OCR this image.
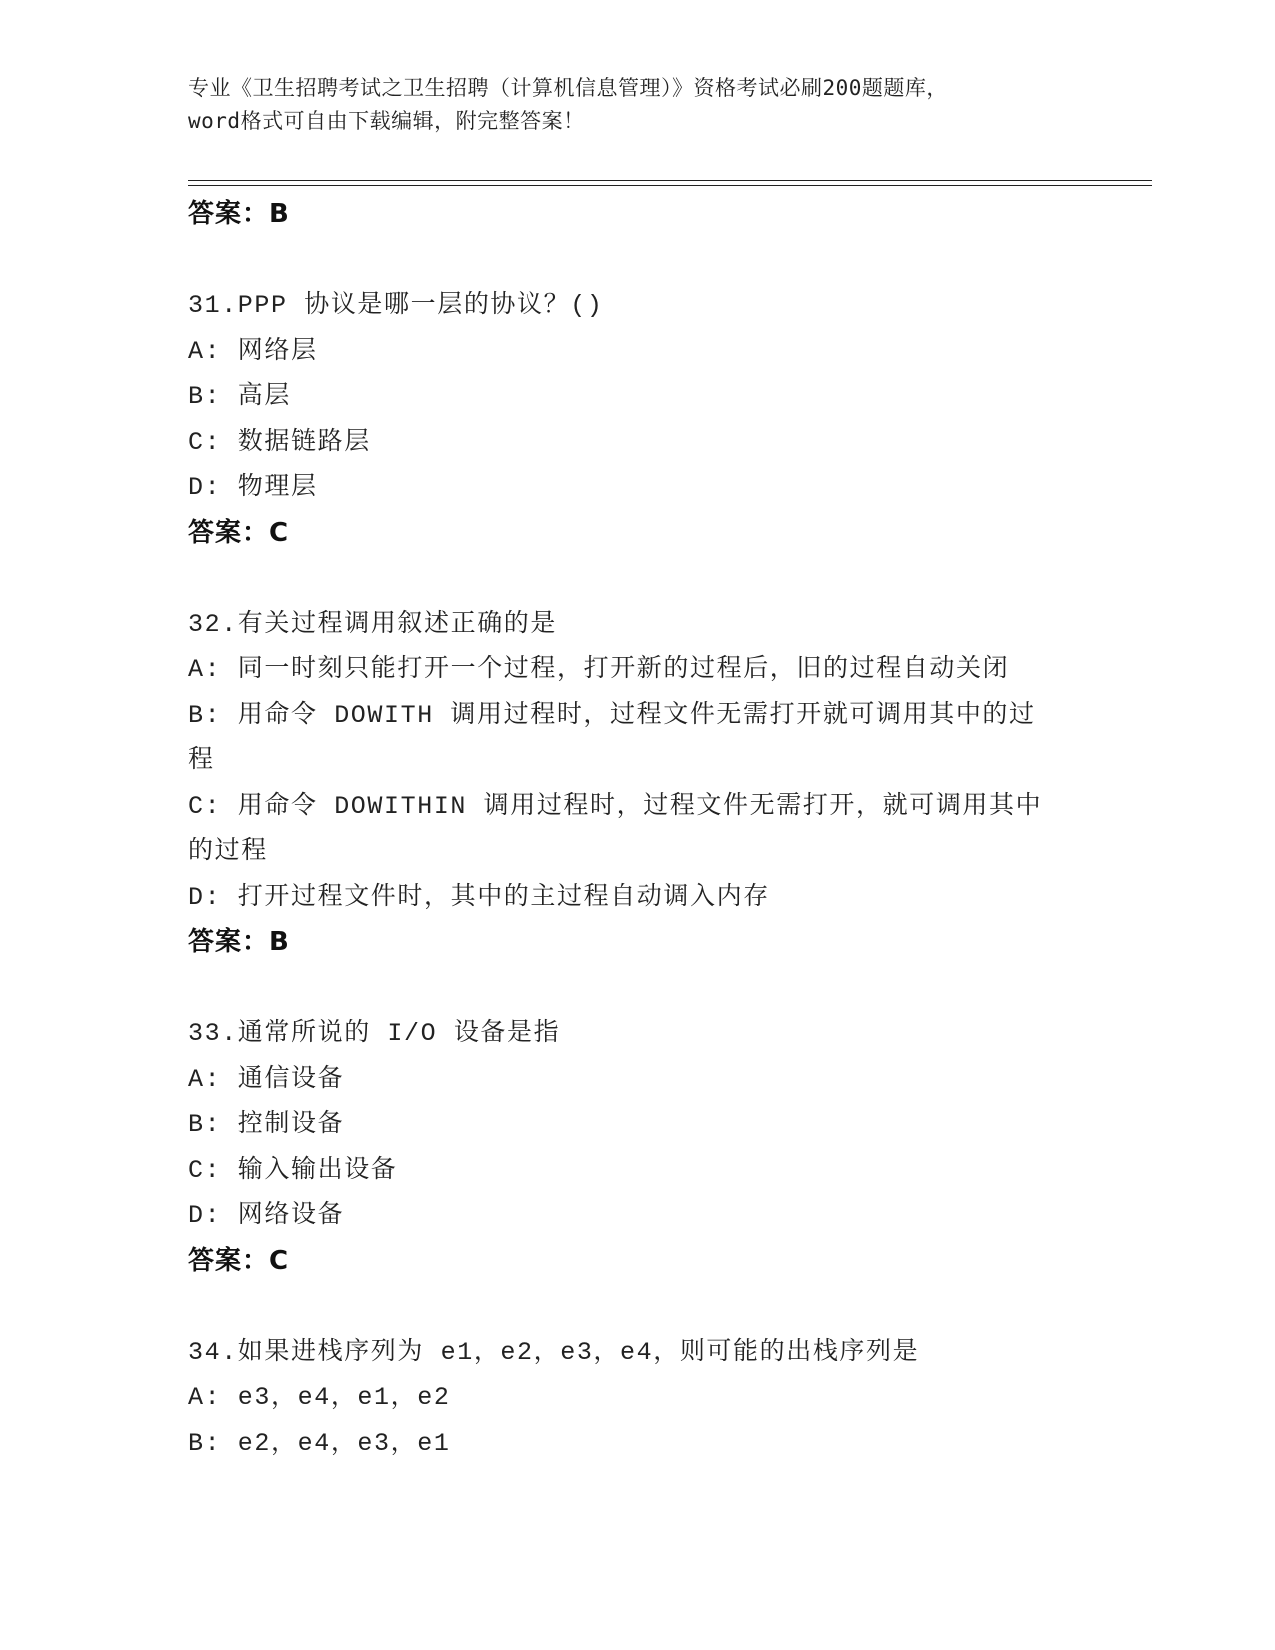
专业《卫生招聘考试之卫生招聘（计算机信息管理）》资格考试必刷200题题库，
word格式可自由下载编辑，附完整答案！

答案：B

31.PPP 协议是哪一层的协议？()

A: 网络层

B: 高层

C: 数据链路层

D: 物理层

答案：C

32.有关过程调用叙述正确的是

A: 同一时刻只能打开一个过程，打开新的过程后，旧的过程自动关闭

B: 用命令 DOWITH 调用过程时，过程文件无需打开就可调用其中的过

程

C: 用命令 DOWITHIN 调用过程时，过程文件无需打开，就可调用其中

的过程

D: 打开过程文件时，其中的主过程自动调入内存

答案：B

33.通常所说的 I/O 设备是指

A: 通信设备

B: 控制设备

C: 输入输出设备

D: 网络设备

答案：C

34.如果进栈序列为 e1，e2，e3，e4，则可能的出栈序列是

A: e3，e4，e1，e2

B: e2，e4，e3，e1
